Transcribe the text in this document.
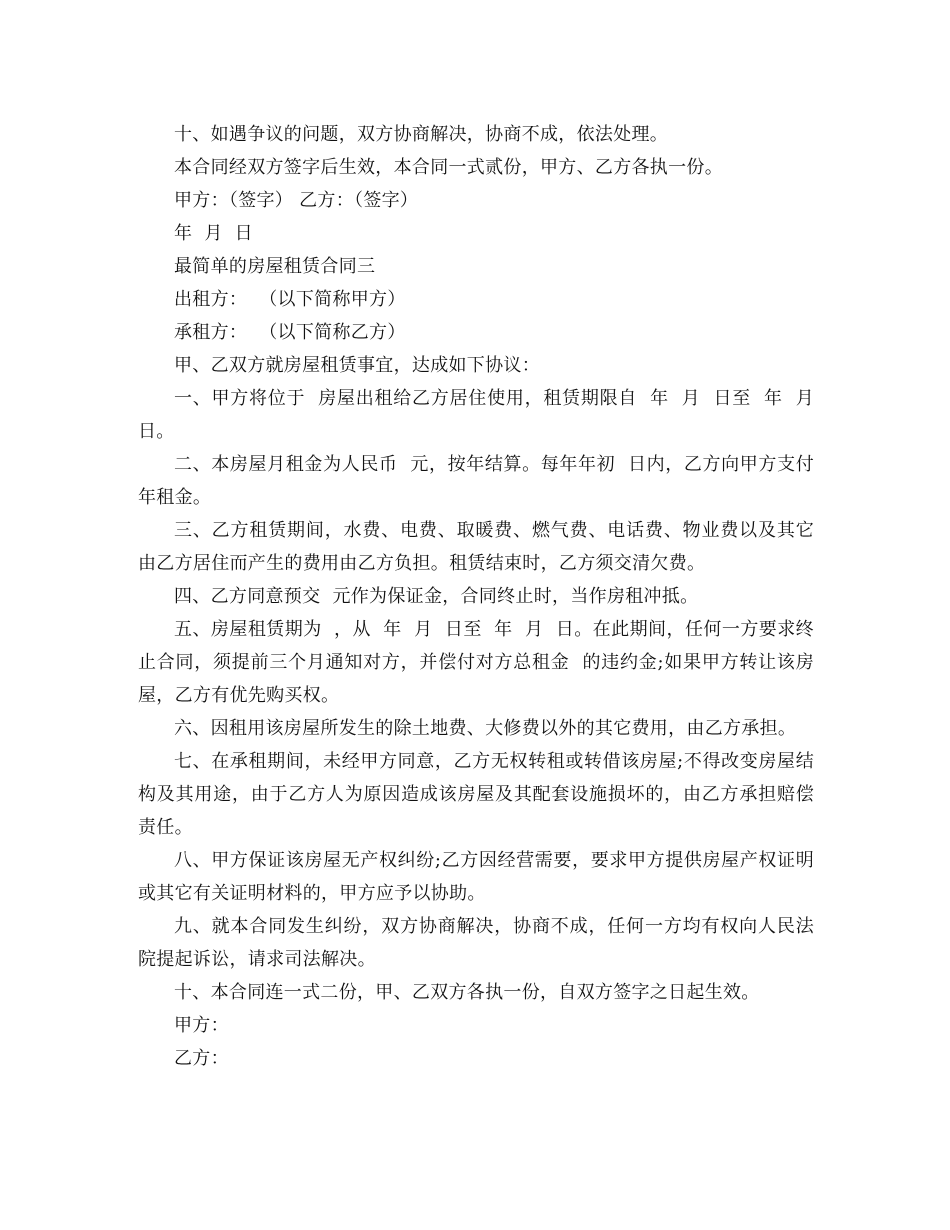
十、如遇争议的问题，双方协商解决，协商不成，依法处理。

本合同经双方签字后生效，本合同一式贰份，甲方、乙方各执一份。

甲方：（签字） 乙方：（签字）

年  月  日

最简单的房屋租赁合同三

出租方：  （以下简称甲方）

承租方：  （以下简称乙方）

甲、乙双方就房屋租赁事宜，达成如下协议：

一、甲方将位于  房屋出租给乙方居住使用，租赁期限自  年  月  日至  年  月  日。

二、本房屋月租金为人民币  元，按年结算。每年年初  日内，乙方向甲方支付  年租金。

三、乙方租赁期间，水费、电费、取暖费、燃气费、电话费、物业费以及其它由乙方居住而产生的费用由乙方负担。租赁结束时，乙方须交清欠费。

四、乙方同意预交  元作为保证金，合同终止时，当作房租冲抵。

五、房屋租赁期为  ，从  年  月  日至  年  月  日。在此期间，任何一方要求终止合同，须提前三个月通知对方，并偿付对方总租金  的违约金;如果甲方转让该房屋，乙方有优先购买权。

六、因租用该房屋所发生的除土地费、大修费以外的其它费用，由乙方承担。

七、在承租期间，未经甲方同意，乙方无权转租或转借该房屋;不得改变房屋结构及其用途，由于乙方人为原因造成该房屋及其配套设施损坏的，由乙方承担赔偿责任。

八、甲方保证该房屋无产权纠纷;乙方因经营需要，要求甲方提供房屋产权证明或其它有关证明材料的，甲方应予以协助。

九、就本合同发生纠纷，双方协商解决，协商不成，任何一方均有权向人民法院提起诉讼，请求司法解决。

十、本合同连一式二份，甲、乙双方各执一份，自双方签字之日起生效。

甲方：

乙方：
